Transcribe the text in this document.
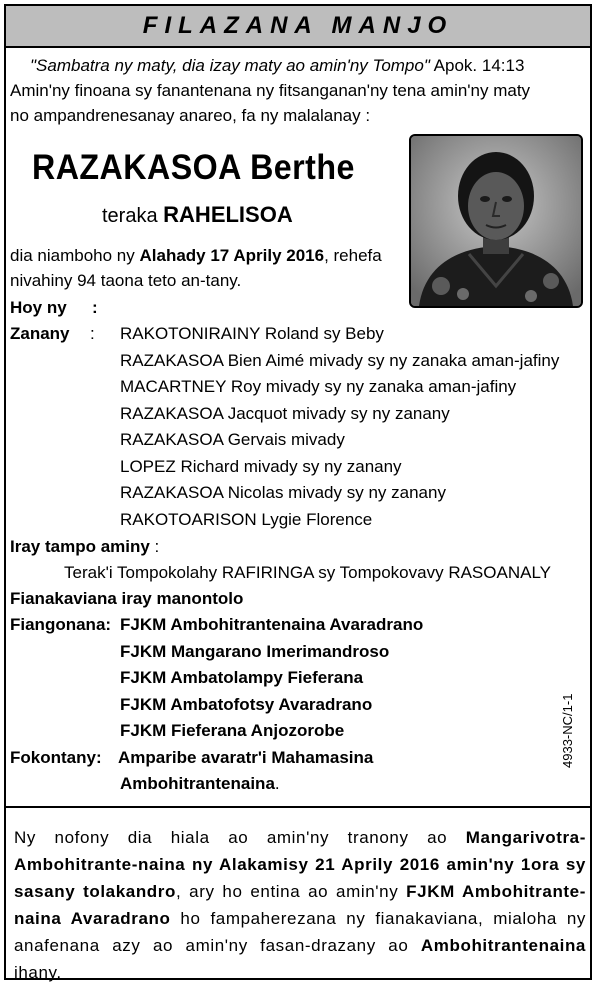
FILAZANA MANJO
"Sambatra ny maty, dia izay maty ao amin'ny Tompo" Apok. 14:13
Amin'ny finoana sy fanantenana ny fitsanganan'ny tena amin'ny maty
no ampandrenesanay anareo, fa ny malalanay :
RAZAKASOA Berthe
teraka RAHELISOA
dia niamboho ny Alahady 17 Aprily 2016, rehefa
nivahiny 94 taona teto an-tany.
Hoy ny :
Zanany : RAKOTONIRAINY Roland sy Beby
RAZAKASOA Bien Aimé mivady sy ny zanaka aman-jafiny
MACARTNEY Roy mivady sy ny zanaka aman-jafiny
RAZAKASOA Jacquot mivady sy ny zanany
RAZAKASOA Gervais mivady
LOPEZ Richard mivady sy ny zanany
RAZAKASOA Nicolas mivady sy ny zanany
RAKOTOARISON Lygie Florence
Iray tampo aminy :
Terak'i Tompokolahy RAFIRINGA sy Tompokovavy RASOANALY
Fianakaviana iray manontolo
Fiangonana: FJKM Ambohitrantenaina Avaradrano
FJKM Mangarano Imerimandroso
FJKM Ambatolampy Fieferana
FJKM Ambatofotsy Avaradrano
FJKM Fieferana Anjozorobe
Fokontany: Amparibe avaratr'i Mahamasina
Ambohitrantenaina.
4933-NC/1-1
Ny nofony dia hiala ao amin'ny tranony ao Mangarivotra-Ambohitrante-naina ny Alakamisy 21 Aprily 2016 amin'ny 1ora sy sasany tolakandro, ary ho entina ao amin'ny FJKM Ambohitrante-naina Avaradrano ho fampaherezana ny fianakaviana, mialoha ny anafenana azy ao amin'ny fasan-drazany ao Ambohitrantenaina ihany.
